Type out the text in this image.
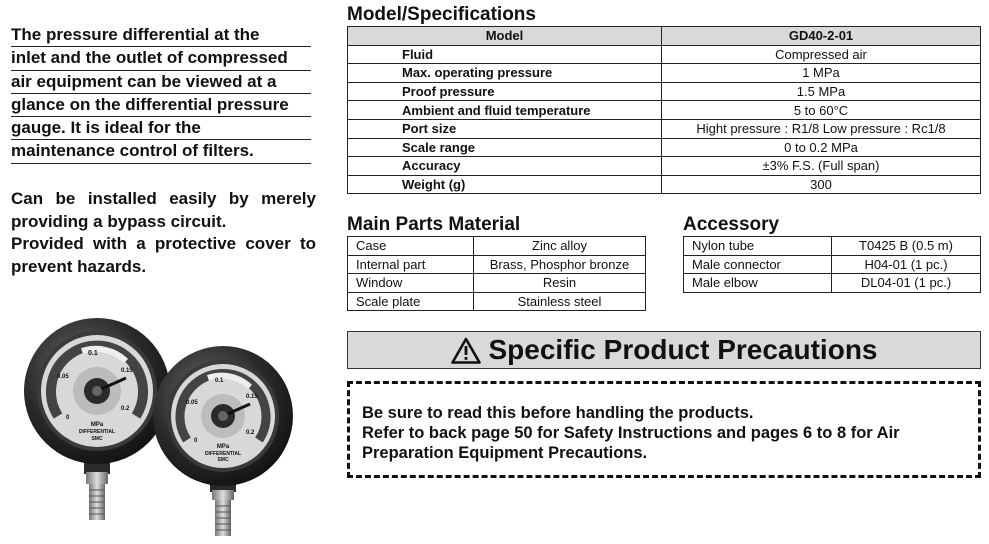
The pressure differential at the
inlet and the outlet of compressed
air equipment can be viewed at a
glance on the differential pressure
gauge. It is ideal for the
maintenance control of filters.
Can be installed easily by merely
providing a bypass circuit.
Provided with a protective cover to
prevent hazards.
0
0.05
0.1
0.15
0.2
MPa
DIFFERENTIAL
SMC	0
0.05
0.1
0.15
0.2
MPa
DIFFERENTIAL
SMC
Model/Specifications
Model	GD40-2-01
Fluid	Compressed air
Max. operating pressure	1 MPa
Proof pressure	1.5 MPa
Ambient and fluid temperature	5 to 60°C
Port size	Hight pressure : R1/8 Low pressure : Rc1/8
Scale range	0 to 0.2 MPa
Accuracy	±3% F.S. (Full span)
Weight (g)	300
Main Parts Material
Case	Zinc alloy
Internal part	Brass, Phosphor bronze
Window	Resin
Scale plate	Stainless steel
Accessory
Nylon tube	T0425 B (0.5 m)
Male connector	H04-01 (1 pc.)
Male elbow	DL04-01 (1 pc.)
Specific Product Precautions
Be sure to read this before handling the products.
Refer to back page 50 for Safety Instructions and pages 6 to 8 for Air
Preparation Equipment Precautions.
